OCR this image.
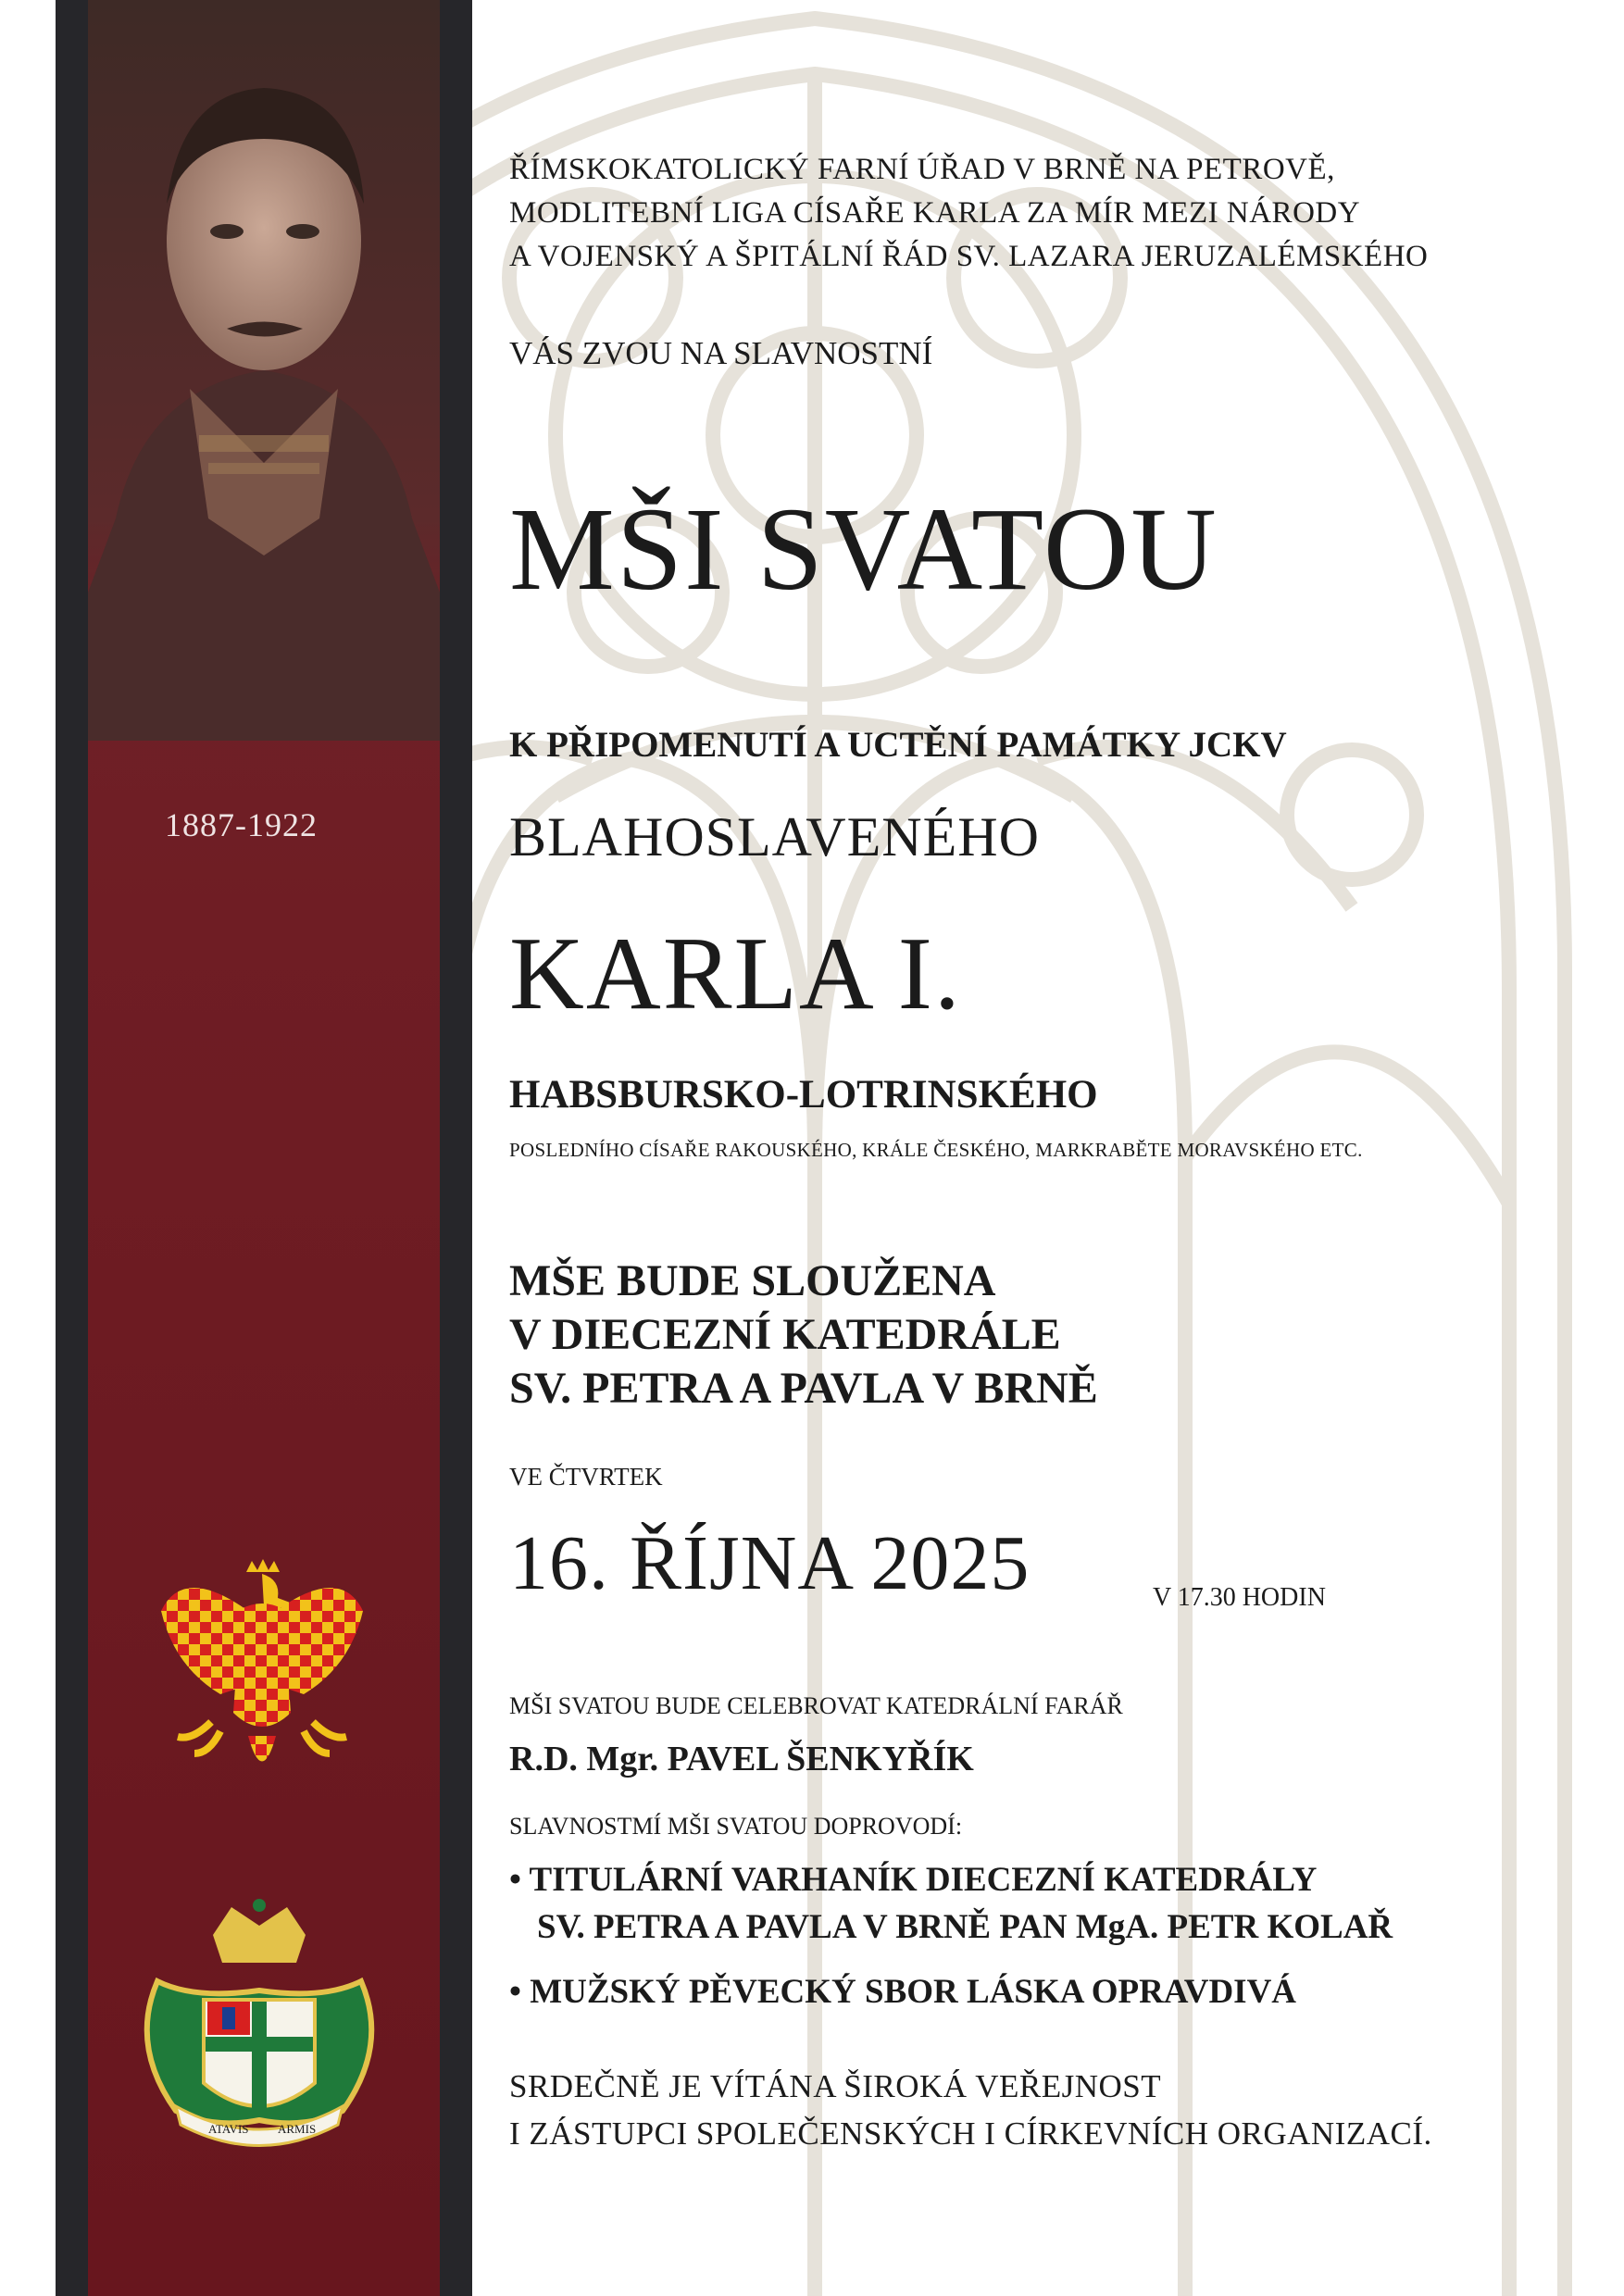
1887-1922
ATAVIS ARMIS
ŘÍMSKOKATOLICKÝ FARNÍ ÚŘAD V BRNĚ NA PETROVĚ,
MODLITEBNÍ LIGA CÍSAŘE KARLA ZA MÍR MEZI NÁRODY
A VOJENSKÝ A ŠPITÁLNÍ ŘÁD SV. LAZARA JERUZALÉMSKÉHO
VÁS ZVOU NA SLAVNOSTNÍ
MŠI SVATOU
K PŘIPOMENUTÍ A UCTĚNÍ PAMÁTKY JCKV
BLAHOSLAVENÉHO
KARLA I.
HABSBURSKO-LOTRINSKÉHO
POSLEDNÍHO CÍSAŘE RAKOUSKÉHO, KRÁLE ČESKÉHO, MARKRABĚTE MORAVSKÉHO ETC.
MŠE BUDE SLOUŽENA
V DIECEZNÍ KATEDRÁLE
SV. PETRA A PAVLA V BRNĚ
VE ČTVRTEK
16. ŘÍJNA 2025	V 17.30 HODIN
MŠI SVATOU BUDE CELEBROVAT KATEDRÁLNÍ FARÁŘ
R.D. Mgr. PAVEL ŠENKYŘÍK
SLAVNOSTMÍ MŠI SVATOU DOPROVODÍ:
• TITULÁRNÍ VARHANÍK DIECEZNÍ KATEDRÁLY
SV. PETRA A PAVLA V BRNĚ PAN MgA. PETR KOLAŘ
• MUŽSKÝ PĚVECKÝ SBOR LÁSKA OPRAVDIVÁ
SRDEČNĚ JE VÍTÁNA ŠIROKÁ VEŘEJNOST
I ZÁSTUPCI SPOLEČENSKÝCH I CÍRKEVNÍCH ORGANIZACÍ.
